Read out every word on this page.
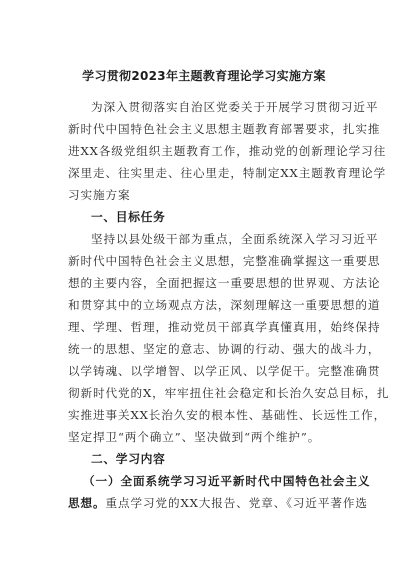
学习贯彻2023年主题教育理论学习实施方案
为深入贯彻落实自治区党委关于开展学习贯彻习近平
新时代中国特色社会主义思想主题教育部署要求，扎实推
进XX各级党组织主题教育工作，推动党的创新理论学习往
深里走、往实里走、往心里走，特制定XX主题教育理论学
习实施方案
一、目标任务
坚持以县处级干部为重点，全面系统深入学习习近平
新时代中国特色社会主义思想，完整准确掌握这一重要思
想的主要内容，全面把握这一重要思想的世界观、方法论
和贯穿其中的立场观点方法，深刻理解这一重要思想的道
理、学理、哲理，推动党员干部真学真懂真用，始终保持
统一的思想、坚定的意志、协调的行动、强大的战斗力，
以学铸魂、以学增智、以学正风、以学促干。完整准确贯
彻新时代党的X，牢牢扭住社会稳定和长治久安总目标，扎
实推进事关XX长治久安的根本性、基础性、长远性工作，
坚定捍卫“两个确立”、坚决做到“两个维护”。
二、学习内容
（一）全面系统学习习近平新时代中国特色社会主义
思想。重点学习党的XX大报告、党章、《习近平著作选
